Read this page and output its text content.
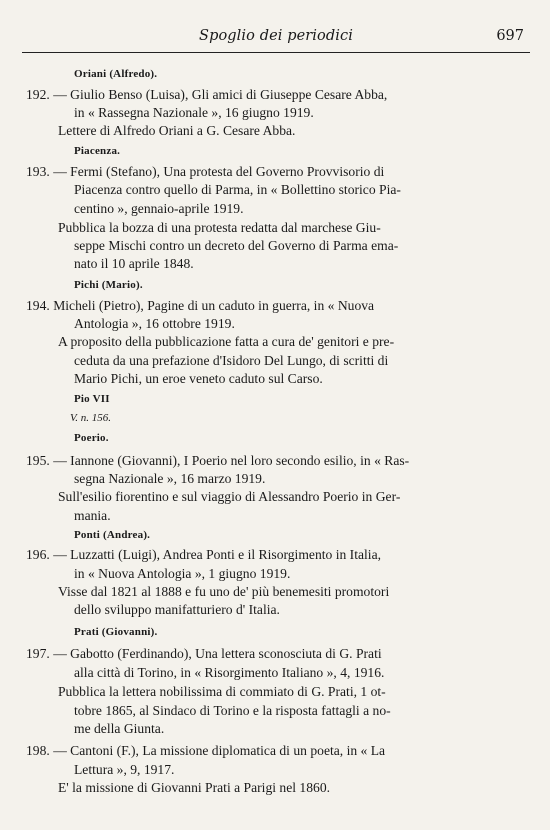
Spoglio dei periodici	697
Oriani (Alfredo).
192. — Giulio Benso (Luisa), Gli amici di Giuseppe Cesare Abba,
in « Rassegna Nazionale », 16 giugno 1919.
Lettere di Alfredo Oriani a G. Cesare Abba.
Piacenza.
193. — Fermi (Stefano), Una protesta del Governo Provvisorio di
Piacenza contro quello di Parma, in « Bollettino storico Pia-
centino », gennaio-aprile 1919.
Pubblica la bozza di una protesta redatta dal marchese Giu-
seppe Mischi contro un decreto del Governo di Parma ema-
nato il 10 aprile 1848.
Pichi (Mario).
194. Micheli (Pietro), Pagine di un caduto in guerra, in « Nuova
Antologia », 16 ottobre 1919.
A proposito della pubblicazione fatta a cura de' genitori e pre-
ceduta da una prefazione d'Isidoro Del Lungo, di scritti di
Mario Pichi, un eroe veneto caduto sul Carso.
Pio VII
V. n. 156.
Poerio.
195. — Iannone (Giovanni), I Poerio nel loro secondo esilio, in « Ras-
segna Nazionale », 16 marzo 1919.
Sull'esilio fiorentino e sul viaggio di Alessandro Poerio in Ger-
mania.
Ponti (Andrea).
196. — Luzzatti (Luigi), Andrea Ponti e il Risorgimento in Italia,
in « Nuova Antologia », 1 giugno 1919.
Visse dal 1821 al 1888 e fu uno de' più benemesiti promotori
dello sviluppo manifatturiero d' Italia.
Prati (Giovanni).
197. — Gabotto (Ferdinando), Una lettera sconosciuta di G. Prati
alla città di Torino, in « Risorgimento Italiano », 4, 1916.
Pubblica la lettera nobilissima di commiato di G. Prati, 1 ot-
tobre 1865, al Sindaco di Torino e la risposta fattagli a no-
me della Giunta.
198. — Cantoni (F.), La missione diplomatica di un poeta, in « La
Lettura », 9, 1917.
E' la missione di Giovanni Prati a Parigi nel 1860.
